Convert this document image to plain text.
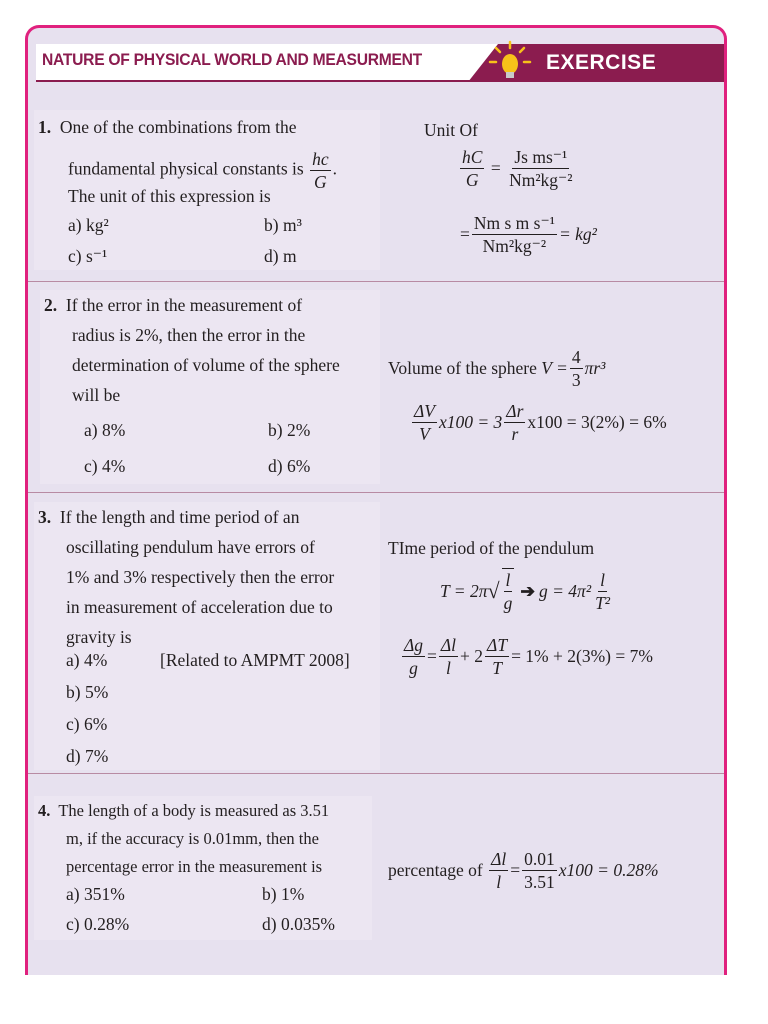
NATURE OF PHYSICAL WORLD AND MEASURMENT	EXERCISE
1. One of the combinations from the
fundamental physical constants is $\frac{hc}{G}$ .
The unit of this expression is
a) kg²	b) m³
c) s⁻¹	d) m
Unit Of
$\frac{hC}{G} = \frac{\text{Js ms⁻¹}}{\text{Nm²kg⁻²}}$
= $\frac{\text{Nm s m s⁻¹}}{\text{Nm²kg⁻²}} = kg^2$
2. If the error in the measurement of
radius is 2%, then the error in the
determination of volume of the sphere
will be
a) 8%	b) 2%
c) 4%	d) 6%
Volume of the sphere
$V = \frac{4}{3} \pi r^3$
$\frac{\Delta V}{V} x100 = 3 \frac{\Delta r}{r} x100 = 3(2\%) = 6\%$
3. If the length and time period of an
oscillating pendulum have errors of
1% and 3% respectively then the error
in measurement of acceleration due to
gravity is
a) 4%	[Related to AMPMT 2008]
b) 5%
c) 6%
d) 7%
TIme period of the pendulum
T = 2π √ $\frac{l}{g}$ ➔ $g = 4\pi^2 \frac{l}{\text{T²}}$
$\frac{\Delta g}{g} = \frac{\Delta l}{l} + 2 \frac{\Delta T}{T} = 1\% + 2(3\%) = 7\%$
4. The length of a body is measured as 3.51
m, if the accuracy is 0.01mm, then the
percentage error in the measurement is
a) 351%	b) 1%
c) 0.28%	d) 0.035%
percentage of
$\frac{\Delta l}{l} = \frac{0.01}{3.51} x100 = 0.28\%$
